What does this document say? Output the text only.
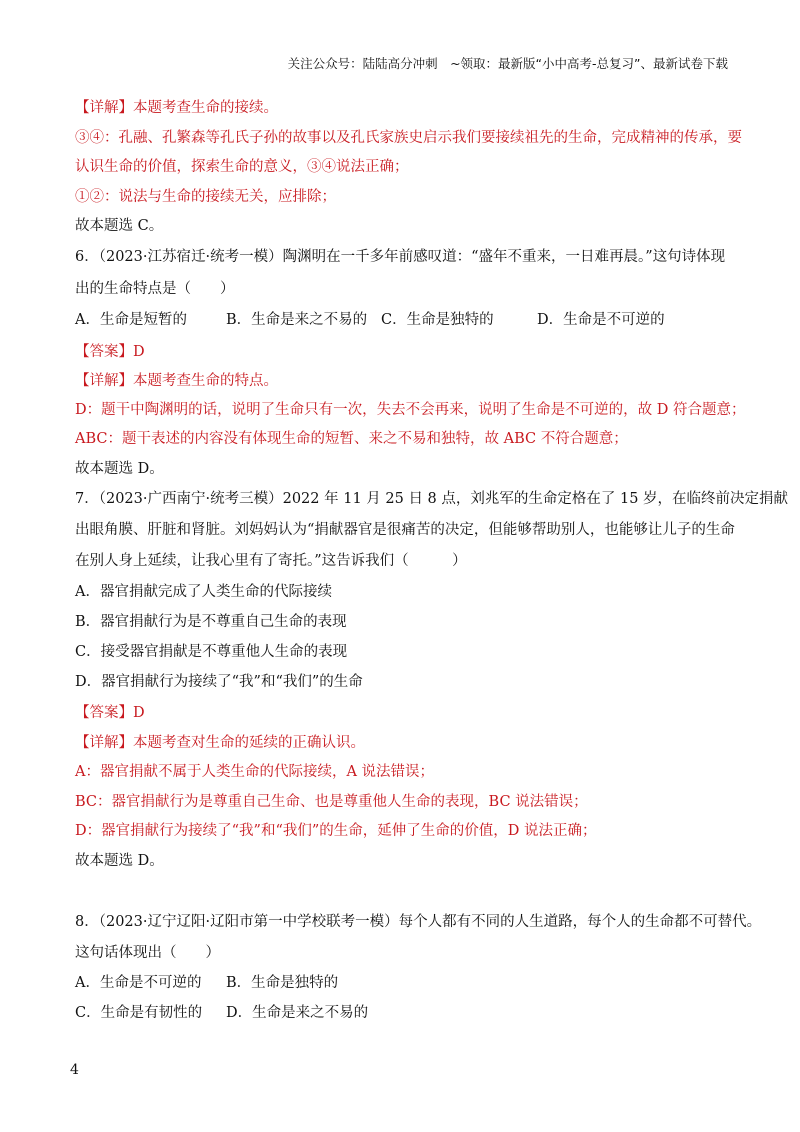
关注公众号：陆陆高分冲刺　~领取：最新版“小中高考-总复习”、最新试卷下载
【详解】本题考查生命的接续。
③④：孔融、孔繁森等孔氏子孙的故事以及孔氏家族史启示我们要接续祖先的生命，完成精神的传承，要
认识生命的价值，探索生命的意义，③④说法正确；
①②：说法与生命的接续无关，应排除；
故本题选 C。
6．（2023·江苏宿迁·统考一模）陶渊明在一千多年前感叹道：“盛年不重来，一日难再晨。”这句诗体现
出的生命特点是（　　）
A．生命是短暂的	B．生命是来之不易的 C．生命是独特的	D．生命是不可逆的
【答案】D
【详解】本题考查生命的特点。
D：题干中陶渊明的话，说明了生命只有一次，失去不会再来，说明了生命是不可逆的，故 D 符合题意；
ABC：题干表述的内容没有体现生命的短暂、来之不易和独特，故 ABC 不符合题意；
故本题选 D。
7．（2023·广西南宁·统考三模）2022 年 11 月 25 日 8 点，刘兆军的生命定格在了 15 岁，在临终前决定捐献
出眼角膜、肝脏和肾脏。刘妈妈认为“捐献器官是很痛苦的决定，但能够帮助别人，也能够让儿子的生命
在别人身上延续，让我心里有了寄托。”这告诉我们（　　　）
A．器官捐献完成了人类生命的代际接续
B．器官捐献行为是不尊重自己生命的表现
C．接受器官捐献是不尊重他人生命的表现
D．器官捐献行为接续了“我”和“我们”的生命
【答案】D
【详解】本题考查对生命的延续的正确认识。
A：器官捐献不属于人类生命的代际接续，A 说法错误；
BC：器官捐献行为是尊重自己生命、也是尊重他人生命的表现，BC 说法错误；
D：器官捐献行为接续了“我”和“我们”的生命，延伸了生命的价值，D 说法正确；
故本题选 D。
8．（2023·辽宁辽阳·辽阳市第一中学校联考一模）每个人都有不同的人生道路，每个人的生命都不可替代。
这句话体现出（　　）
A．生命是不可逆的 B．生命是独特的
C．生命是有韧性的 D．生命是来之不易的
4
